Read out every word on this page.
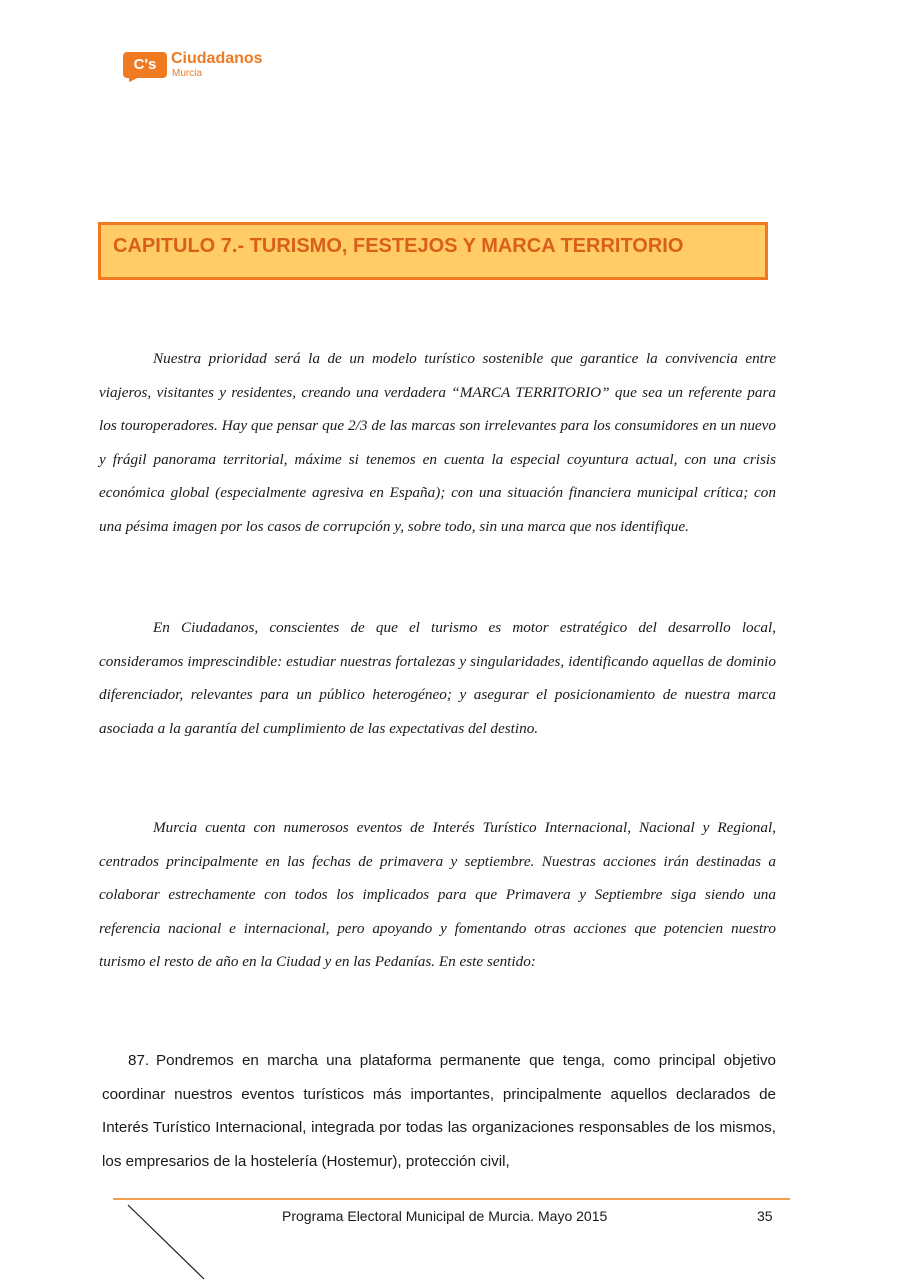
C's Ciudadanos
Murcia
CAPITULO 7.- TURISMO, FESTEJOS Y MARCA TERRITORIO

Nuestra prioridad será la de un modelo turístico sostenible que garantice la convivencia entre viajeros, visitantes y residentes, creando una verdadera “MARCA TERRITORIO” que sea un referente para los touroperadores. Hay que pensar que 2/3 de las marcas son irrelevantes para los consumidores en un nuevo y frágil panorama territorial, máxime si tenemos en cuenta la especial coyuntura actual, con una crisis económica global (especialmente agresiva en España); con una situación financiera municipal crítica; con una pésima imagen por los casos de corrupción y, sobre todo, sin una marca que nos identifique.

En Ciudadanos, conscientes de que el turismo es motor estratégico del desarrollo local, consideramos imprescindible: estudiar nuestras fortalezas y singularidades, identificando aquellas de dominio diferenciador, relevantes para un público heterogéneo; y asegurar el posicionamiento de nuestra marca asociada a la garantía del cumplimiento de las expectativas del destino.

Murcia cuenta con numerosos eventos de Interés Turístico Internacional, Nacional y Regional, centrados principalmente en las fechas de primavera y septiembre. Nuestras acciones irán destinadas a colaborar estrechamente con todos los implicados para que Primavera y Septiembre siga siendo una referencia nacional e internacional, pero apoyando y fomentando otras acciones que potencien nuestro turismo el resto de año en la Ciudad y en las Pedanías. En este sentido:

87. Pondremos en marcha una plataforma permanente que tenga, como principal objetivo coordinar nuestros eventos turísticos más importantes, principalmente aquellos declarados de Interés Turístico Internacional, integrada por todas las organizaciones responsables de los mismos, los empresarios de la hostelería (Hostemur), protección civil,

Programa Electoral Municipal de Murcia. Mayo 2015	35
